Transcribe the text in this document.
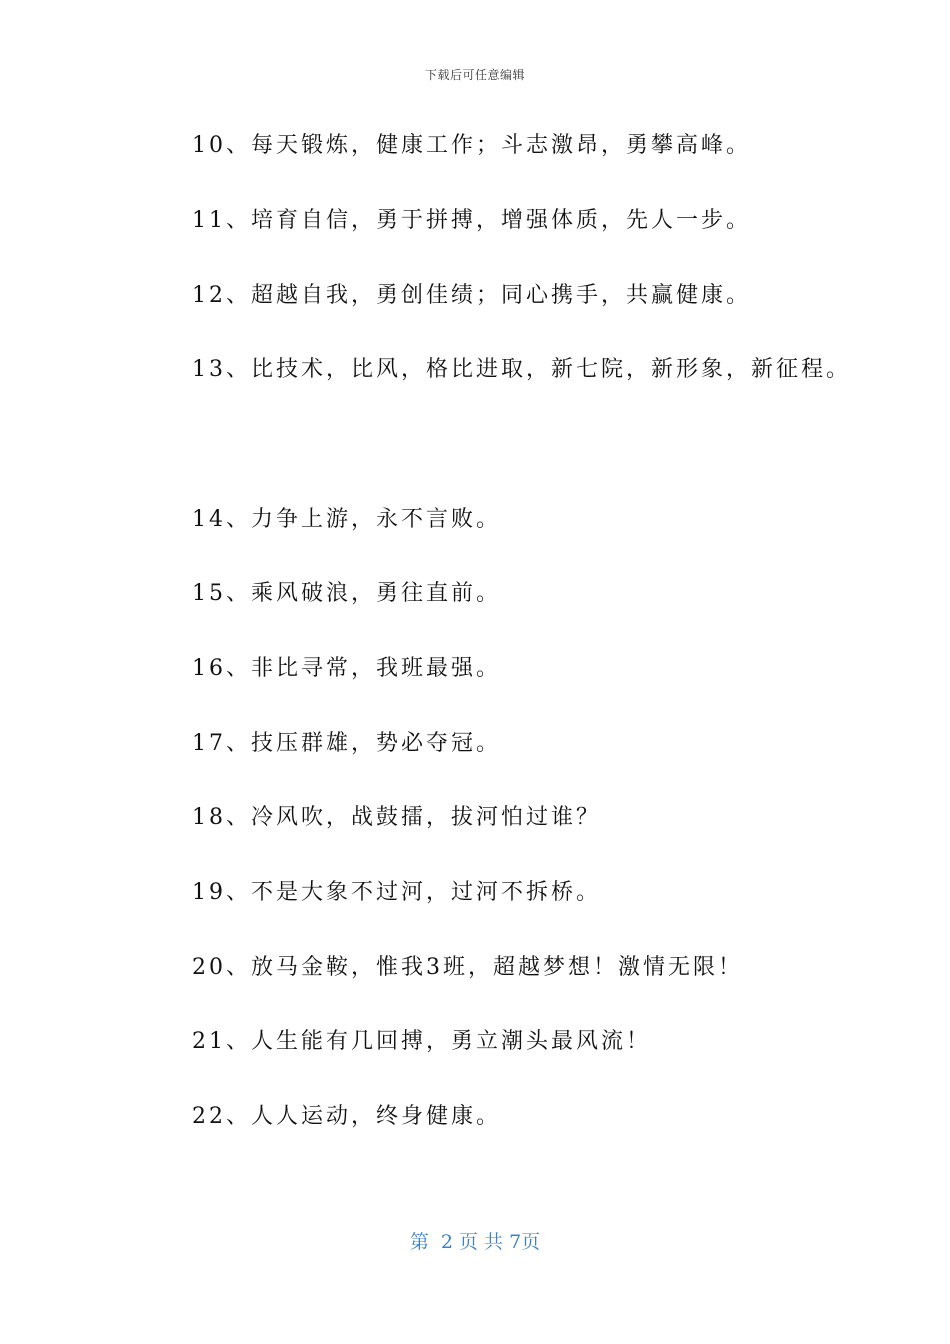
下载后可任意编辑
10、每天锻炼，健康工作；斗志激昂，勇攀高峰。
11、培育自信，勇于拼搏，增强体质，先人一步。
12、超越自我，勇创佳绩；同心携手，共赢健康。
13、比技术，比风，格比进取，新七院，新形象，新征程。
14、力争上游，永不言败。
15、乘风破浪，勇往直前。
16、非比寻常，我班最强。
17、技压群雄，势必夺冠。
18、冷风吹，战鼓擂，拔河怕过谁？
19、不是大象不过河，过河不拆桥。
20、放马金鞍，惟我3班，超越梦想！激情无限！
21、人生能有几回搏，勇立潮头最风流！
22、人人运动，终身健康。
第  2 页 共 7页
